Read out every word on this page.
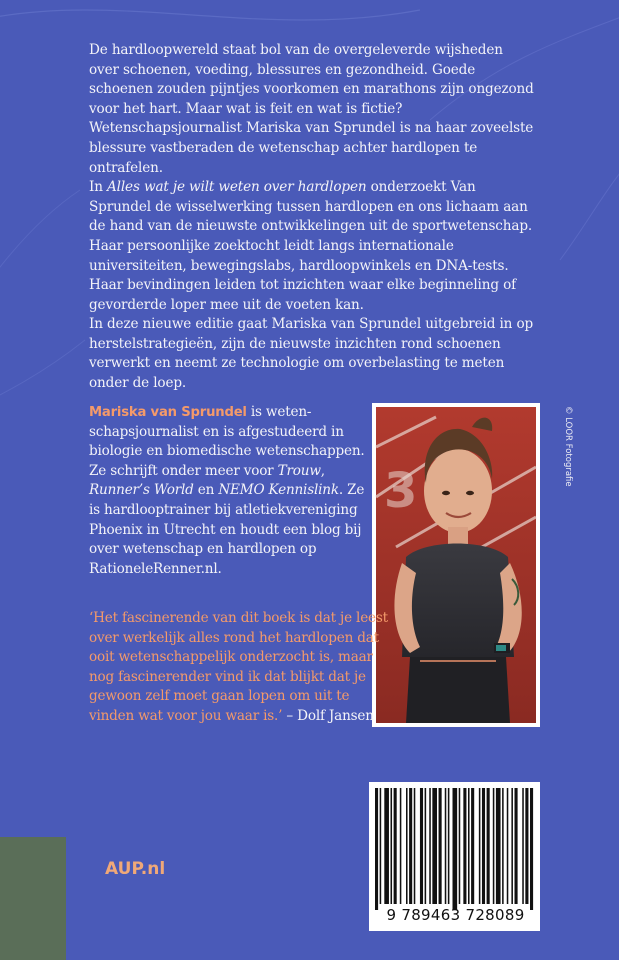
De hardloopwereld staat bol van de overgeleverde wijsheden over schoenen, voeding, blessures en gezondheid. Goede schoenen zouden pijntjes voorkomen en marathons zijn ongezond voor het hart. Maar wat is feit en wat is fictie?
Wetenschapsjournalist Mariska van Sprundel is na haar zoveelste blessure vastberaden de wetenschap achter hardlopen te ontrafelen.
In Alles wat je wilt weten over hardlopen onderzoekt Van Sprundel de wisselwerking tussen hardlopen en ons lichaam aan de hand van de nieuwste ontwikkelingen uit de sportwetenschap. Haar persoonlijke zoektocht leidt langs internationale universiteiten, bewegingslabs, hardloopwinkels en DNA-tests. Haar bevindingen leiden tot inzichten waar elke beginneling of gevorderde loper mee uit de voeten kan.

In deze nieuwe editie gaat Mariska van Sprundel uitgebreid in op herstelstrategieën, zijn de nieuwste inzichten rond schoenen verwerkt en neemt ze technologie om overbelasting te meten onder de loep.

Mariska van Sprundel is wetenschapsjournalist en is afgestudeerd in biologie en biomedische wetenschappen. Ze schrijft onder meer voor Trouw, Runner’s World en NEMO Kennislink. Ze is hardlooptrainer bij atletiekvereniging Phoenix in Utrecht en houdt een blog bij over wetenschap en hardlopen op RationeleRenner.nl.
3
© LOOR Fotografie
‘Het fascinerende van dit boek is dat je leest over werkelijk alles rond het hardlopen dat ooit wetenschappelijk onderzocht is, maar nog fascinerender vind ik dat blijkt dat je gewoon zelf moet gaan lopen om uit te vinden wat voor jou waar is.’ – Dolf Jansen
9 789463 728089
AUP.nl
